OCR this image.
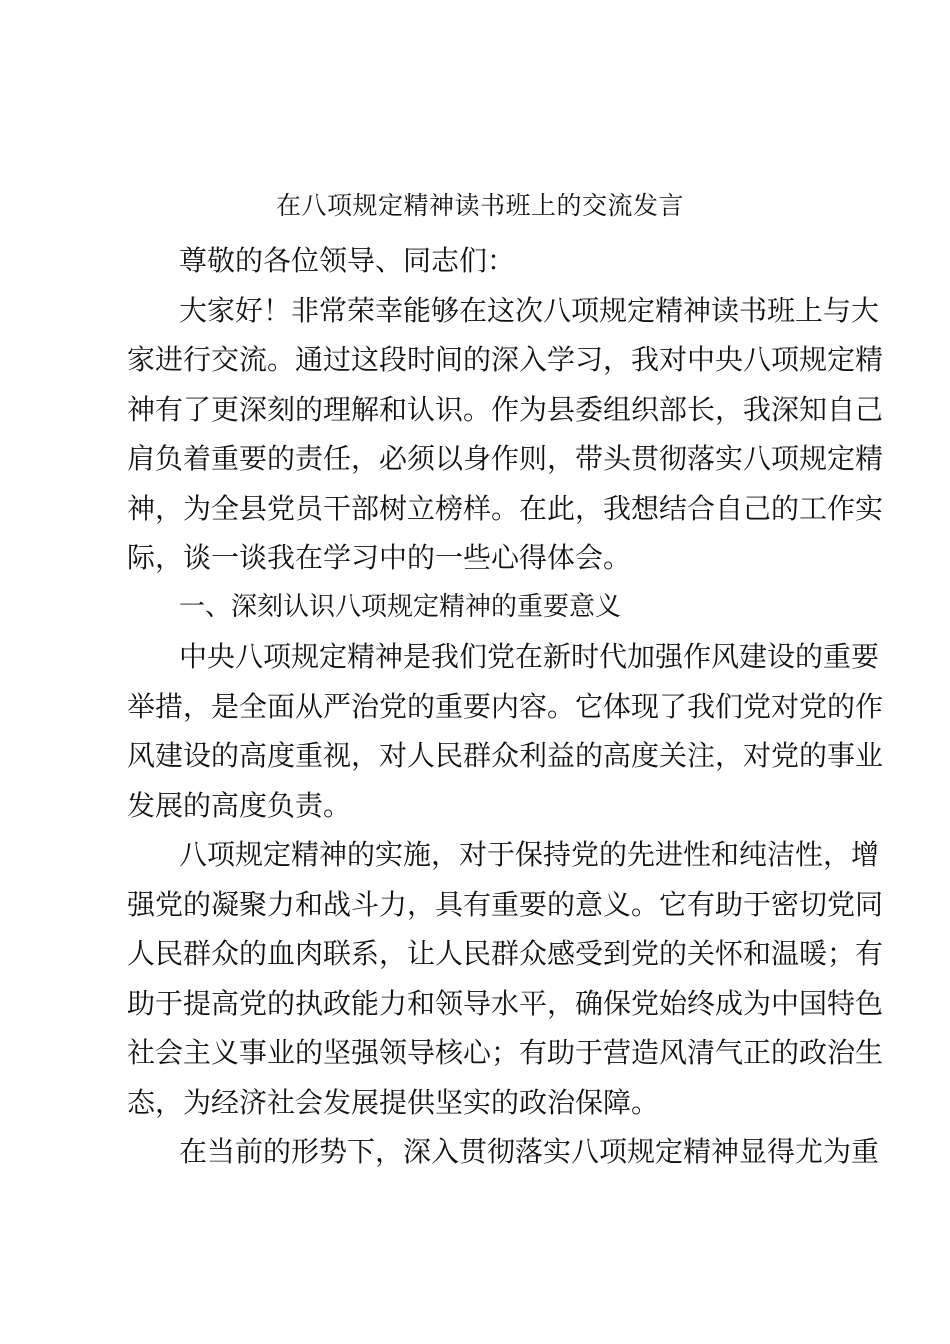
在八项规定精神读书班上的交流发言
尊敬的各位领导、同志们：
大家好！非常荣幸能够在这次八项规定精神读书班上与大
家进行交流。通过这段时间的深入学习，我对中央八项规定精
神有了更深刻的理解和认识。作为县委组织部长，我深知自己
肩负着重要的责任，必须以身作则，带头贯彻落实八项规定精
神，为全县党员干部树立榜样。在此，我想结合自己的工作实
际，谈一谈我在学习中的一些心得体会。
一、深刻认识八项规定精神的重要意义
中央八项规定精神是我们党在新时代加强作风建设的重要
举措，是全面从严治党的重要内容。它体现了我们党对党的作
风建设的高度重视，对人民群众利益的高度关注，对党的事业
发展的高度负责。
八项规定精神的实施，对于保持党的先进性和纯洁性，增
强党的凝聚力和战斗力，具有重要的意义。它有助于密切党同
人民群众的血肉联系，让人民群众感受到党的关怀和温暖；有
助于提高党的执政能力和领导水平，确保党始终成为中国特色
社会主义事业的坚强领导核心；有助于营造风清气正的政治生
态，为经济社会发展提供坚实的政治保障。
在当前的形势下，深入贯彻落实八项规定精神显得尤为重
